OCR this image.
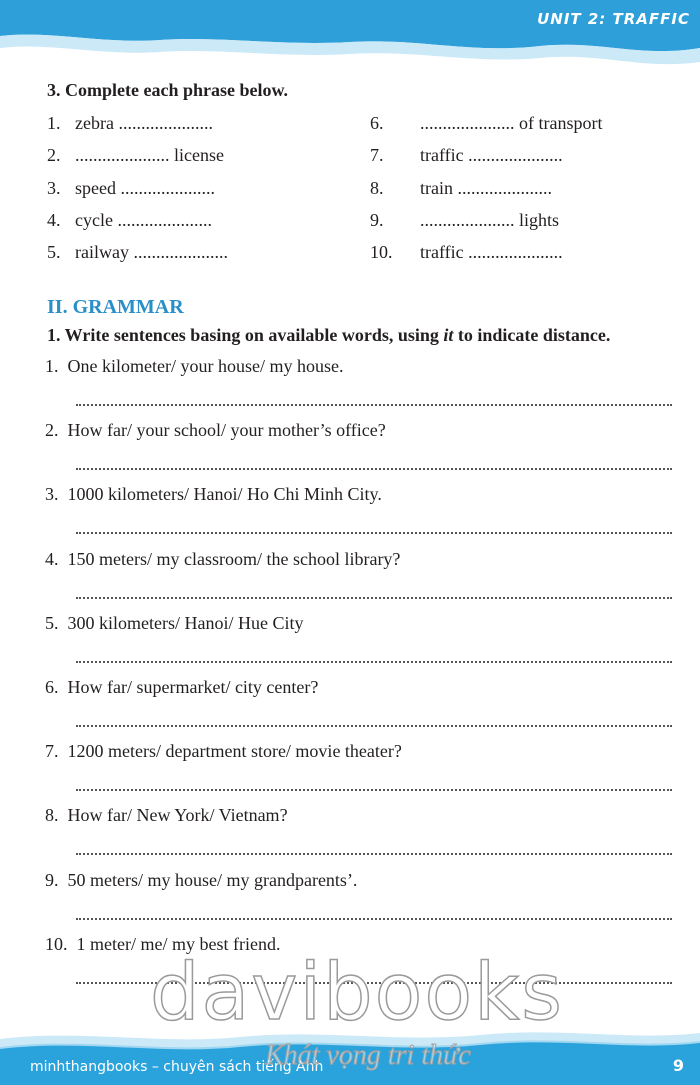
UNIT 2: TRAFFIC
3. Complete each phrase below.
1. zebra .....................
2. ..................... license
3. speed .....................
4. cycle .....................
5. railway .....................
6. ..................... of transport
7. traffic .....................
8. train .....................
9. ..................... lights
10. traffic .....................
II. GRAMMAR
1. Write sentences basing on available words, using it to indicate distance.
1. One kilometer/ your house/ my house.
2. How far/ your school/ your mother’s office?
3. 1000 kilometers/ Hanoi/ Ho Chi Minh City.
4. 150 meters/ my classroom/ the school library?
5. 300 kilometers/ Hanoi/ Hue City
6. How far/ supermarket/ city center?
7. 1200 meters/ department store/ movie theater?
8. How far/ New York/ Vietnam?
9. 50 meters/ my house/ my grandparents’.
10. 1 meter/ me/ my best friend.
davibooks
minhthangbooks – chuyên sách tiếng Anh	9
Khát vọng tri thức
